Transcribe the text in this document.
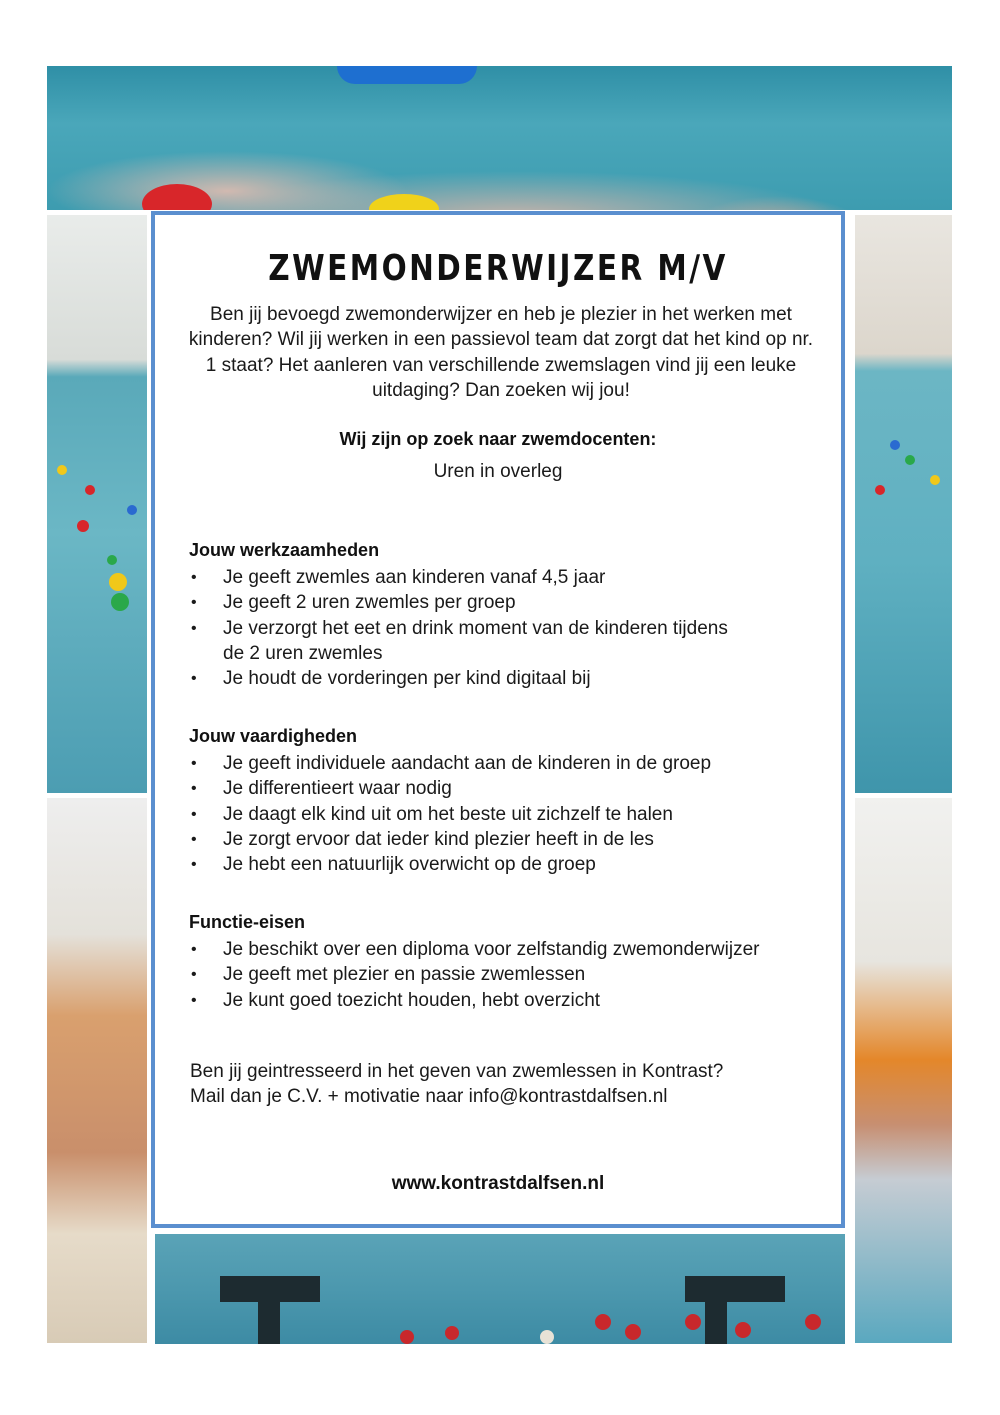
ZWEMONDERWIJZER M/V

Ben jij bevoegd zwemonderwijzer en heb je plezier in het werken met kinderen? Wil jij werken in een passievol team dat zorgt dat het kind op nr. 1 staat? Het aanleren van verschillende zwemslagen vind jij een leuke uitdaging? Dan zoeken wij jou!

Wij zijn op zoek naar zwemdocenten:

Uren in overleg

Jouw werkzaamheden

• Je geeft zwemles aan kinderen vanaf 4,5 jaar
• Je geeft 2 uren zwemles per groep
• Je verzorgt het eet en drink moment van de kinderen tijdens de 2 uren zwemles
• Je houdt de vorderingen per kind digitaal bij

Jouw vaardigheden

• Je geeft individuele aandacht aan de kinderen in de groep
• Je differentieert waar nodig
• Je daagt elk kind uit om het beste uit zichzelf te halen
• Je zorgt ervoor dat ieder kind plezier heeft in de les
• Je hebt een natuurlijk overwicht op de groep

Functie-eisen

• Je beschikt over een diploma voor zelfstandig zwemonderwijzer
• Je geeft met plezier en passie zwemlessen
• Je kunt goed toezicht houden, hebt overzicht
Ben jij geintresseerd in het geven van zwemlessen in Kontrast?
Mail dan je C.V. + motivatie naar info@kontrastdalfsen.nl

www.kontrastdalfsen.nl
